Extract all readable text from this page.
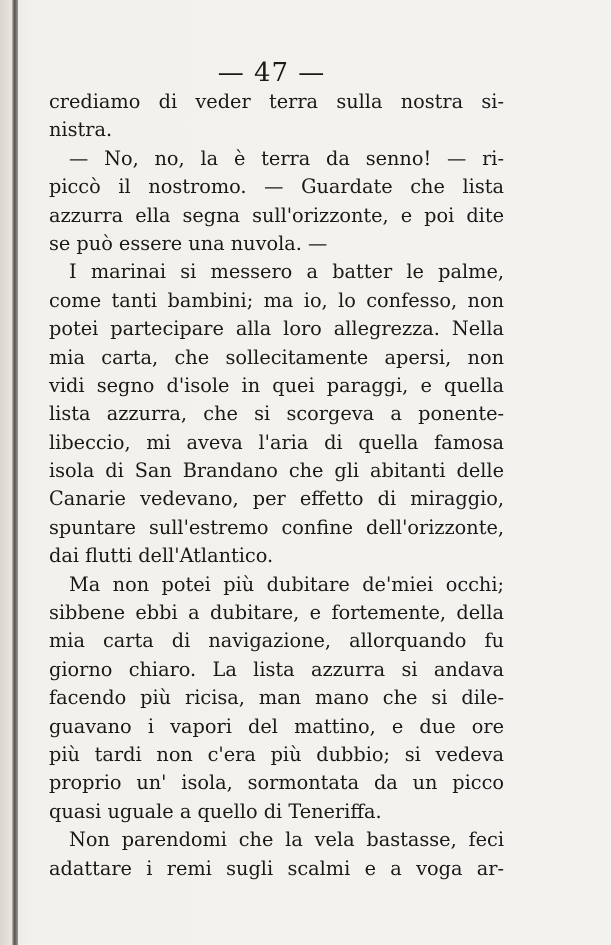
— 47 —
crediamo di veder terra sulla nostra si-
nistra.
— No, no, la è terra da senno! — ri-
piccò il nostromo. — Guardate che lista
azzurra ella segna sull'orizzonte, e poi dite
se può essere una nuvola. —
I marinai si messero a batter le palme,
come tanti bambini; ma io, lo confesso, non
potei partecipare alla loro allegrezza. Nella
mia carta, che sollecitamente apersi, non
vidi segno d'isole in quei paraggi, e quella
lista azzurra, che si scorgeva a ponente-
libeccio, mi aveva l'aria di quella famosa
isola di San Brandano che gli abitanti delle
Canarie vedevano, per effetto di miraggio,
spuntare sull'estremo confine dell'orizzonte,
dai flutti dell'Atlantico.
Ma non potei più dubitare de'miei occhi;
sibbene ebbi a dubitare, e fortemente, della
mia carta di navigazione, allorquando fu
giorno chiaro. La lista azzurra si andava
facendo più ricisa, man mano che si dile-
guavano i vapori del mattino, e due ore
più tardi non c'era più dubbio; si vedeva
proprio un' isola, sormontata da un picco
quasi uguale a quello di Teneriffa.
Non parendomi che la vela bastasse, feci
adattare i remi sugli scalmi e a voga ar-
